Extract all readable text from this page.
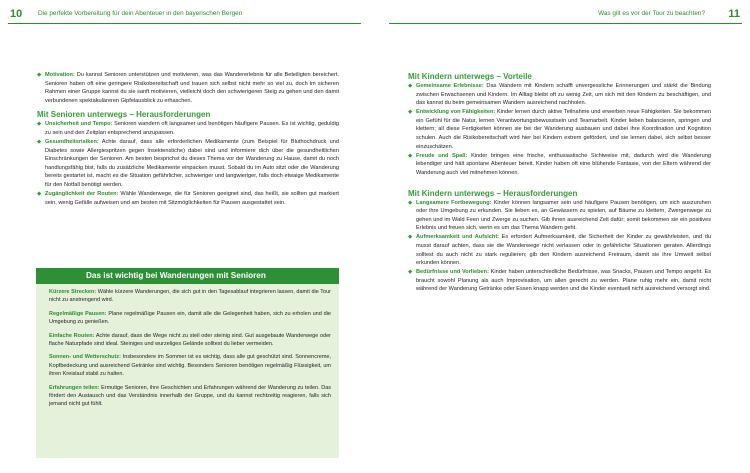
10 Die perfekte Vorbereitung für dein Abenteuer in den bayerischen Bergen	Was gilt es vor der Tour zu beachten? 11
◆ Motivation: Du kannst Senioren unterstützen und motivieren, was das Wandererlebnis für alle Beteiligten bereichert. Senioren haben oft eine geringere Risikobereitschaft und trauen sich selbst nicht mehr so viel zu, doch im sicheren Rahmen einer Gruppe kannst du sie sanft motivieren, vielleicht doch den schwierigeren Steig zu gehen und den damit verbundenen spektakuläreren Gipfelausblick zu erhaschen.
Mit Senioren unterwegs – Herausforderungen
◆ Unsicherheit und Tempo: Senioren wandern oft langsamer und benötigen häufigere Pausen. Es ist wichtig, geduldig zu sein und den Zeitplan entsprechend anzupassen.
◆ Gesundheitsrisiken: Achte darauf, dass alle erforderlichen Medikamente (zum Beispiel für Bluthochdruck und Diabetes sowie Allergiespritzen gegen Insektenstiche) dabei sind und informiere dich über die gesundheitlichen Einschränkungen der Senioren. Am besten besprichst du dieses Thema vor der Wanderung zu Hause, damit du noch handlungsfähig bist, falls du zusätzliche Medikamente einpacken musst. Sobald du im Auto sitzt oder die Wanderung bereits gestartet ist, macht es die Situation gefährlicher, schwieriger und langwieriger, falls doch etwaige Medikamente für den Notfall benötigt werden.
◆ Zugänglichkeit der Routen: Wähle Wanderwege, die für Senioren geeignet sind, das heißt, sie sollten gut markiert sein, wenig Gefälle aufweisen und am besten mit Sitzmöglichkeiten für Pausen ausgestattet sein.
Das ist wichtig bei Wanderungen mit Senioren
Kürzere Strecken: Wähle kürzere Wanderungen, die sich gut in den Tagesablauf integrieren lassen, damit die Tour nicht zu anstrengend wird.
Regelmäßige Pausen: Plane regelmäßige Pausen ein, damit alle die Gelegenheit haben, sich zu erholen und die Umgebung zu genießen.
Einfache Routen: Achte darauf, dass die Wege nicht zu steil oder steinig sind. Gut ausgebaute Wanderwege oder flache Naturpfade sind ideal. Steiniges und wurzeliges Gelände solltest du lieber vermeiden.
Sonnen- und Wetterschutz: Insbesondere im Sommer ist es wichtig, dass alle gut geschützt sind. Sonnencreme, Kopfbedeckung und ausreichend Getränke sind wichtig. Besonders Senioren benötigen regelmäßig Flüssigkeit, um ihren Kreislauf stabil zu halten.
Erfahrungen teilen: Ermutige Senioren, ihre Geschichten und Erfahrungen während der Wanderung zu teilen. Das fördert den Austausch und das Verständnis innerhalb der Gruppe, und du kannst rechtzeitig reagieren, falls sich jemand nicht gut fühlt.
Mit Kindern unterwegs – Vorteile
◆ Gemeinsame Erlebnisse: Das Wandern mit Kindern schafft unvergessliche Erinnerungen und stärkt die Bindung zwischen Erwachsenen und Kindern. Im Alltag bleibt oft zu wenig Zeit, um sich mit den Kindern zu beschäftigen, und das kannst du beim gemeinsamen Wandern ausreichend nachholen.
◆ Entwicklung von Fähigkeiten: Kinder lernen durch aktive Teilnahme und erwerben neue Fähigkeiten. Sie bekommen ein Gefühl für die Natur, lernen Verantwortungsbewusstsein und Teamarbeit. Kinder lieben balancieren, springen und klettern; all diese Fertigkeiten können sie bei der Wanderung ausbauen und dabei ihre Koordination und Kognition schulen. Auch die Risikobereitschaft wird hier bei Kindern extrem gefördert, und sie lernen dabei, sich selbst besser einzuschätzen.
◆ Freude und Spaß: Kinder bringen eine frische, enthusiastische Sichtweise mit, dadurch wird die Wanderung lebendiger und hält spontane Abenteuer bereit. Kinder haben oft eine blühende Fantasie, von der Eltern während der Wanderung auch viel mitnehmen können.
Mit Kindern unterwegs – Herausforderungen
◆ Langsamere Fortbewegung: Kinder können langsamer sein und häufigere Pausen benötigen, um sich auszuruhen oder ihre Umgebung zu erkunden. Sie lieben es, an Gewässern zu spielen, auf Bäume zu klettern, Zwergenwege zu gehen und im Wald Feen und Zwerge zu suchen. Gib ihnen ausreichend Zeit dafür; somit bekommen sie ein positives Erlebnis und freuen sich, wenn es um das Thema Wandern geht.
◆ Aufmerksamkeit und Aufsicht: Es erfordert Aufmerksamkeit, die Sicherheit der Kinder zu gewährleisten, und du musst darauf achten, dass sie die Wanderwege nicht verlassen oder in gefährliche Situationen geraten. Allerdings solltest du auch nicht zu stark regulieren; gib den Kindern ausreichend Freiraum, damit sie ihre Umwelt selbst erkunden können.
◆ Bedürfnisse und Vorlieben: Kinder haben unterschiedliche Bedürfnisse, was Snacks, Pausen und Tempo angeht. Es braucht sowohl Planung als auch Improvisation, um allen gerecht zu werden. Plane ruhig mehr ein, damit nicht während der Wanderung Getränke oder Essen knapp werden und die Kinder eventuell nicht ausreichend versorgt sind.
